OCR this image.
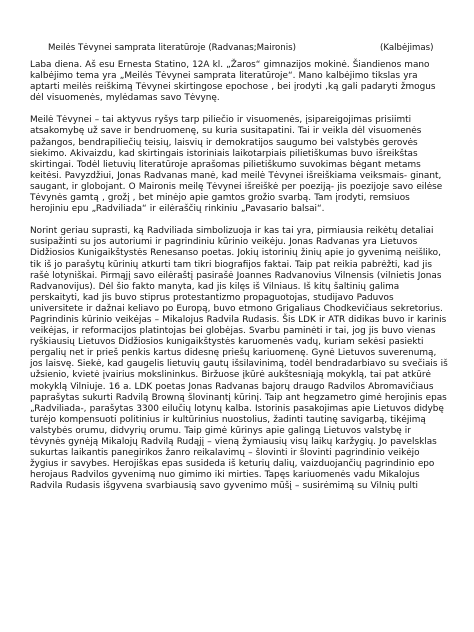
Meilės Tėvynei samprata literatūroje (Radvanas;Maironis)	(Kalbėjimas)

Laba diena. Aš esu Ernesta Statino, 12A kl. „Žaros“ gimnazijos mokinė. Šiandienos mano kalbėjimo tema yra „Meilės Tėvynei samprata literatūroje“. Mano kalbėjimo tikslas yra aptarti meilės reiškimą Tėvynei skirtingose epochose , bei įrodyti ,ką gali padaryti žmogus dėl visuomenės, mylėdamas savo Tėvynę.

Meilė Tėvynei – tai aktyvus ryšys tarp piliečio ir visuomenės, įsipareigojimas prisiimti atsakomybę už save ir bendruomenę, su kuria susitapatini. Tai ir veikla dėl visuomenės pažangos, bendrapiliečių teisių, laisvių ir demokratijos saugumo bei valstybės gerovės siekimo. Akivaizdu, kad skirtingais istoriniais laikotarpiais pilietiškumas buvo išreikštas skirtingai. Todėl lietuvių literatūroje aprašomas pilietiškumo suvokimas bėgant metams keitėsi. Pavyzdžiui, Jonas Radvanas manė, kad meilė Tėvynei išreiškiama veiksmais- ginant, saugant, ir globojant. O Maironis meilę Tėvynei išreiškė per poeziją- jis poezijoje savo eilėse Tėvynės gamtą , grožį , bet minėjo apie gamtos grožio svarbą. Tam įrodyti, remsiuos herojiniu epu „Radviliada“ ir eilėraščių rinkiniu „Pavasario balsai“.

Norint geriau suprasti, ką Radviliada simbolizuoja ir kas tai yra, pirmiausia reikėtų detaliai susipažinti su jos autoriumi ir pagrindiniu kūrinio veikėju. Jonas Radvanas yra Lietuvos Didžiosios Kunigaikštystės Renesanso poetas. Jokių istorinių žinių apie jo gyvenimą neišliko, tik iš jo parašytų kūrinių atkurti tam tikri biografijos faktai. Taip pat reikia pabrėžti, kad jis rašė lotyniškai. Pirmąjį savo eilėraštį pasirašė Joannes Radvanovius Vilnensis (vilnietis Jonas Radvanovijus). Dėl šio fakto manyta, kad jis kilęs iš Vilniaus. Iš kitų šaltinių galima perskaityti, kad jis buvo stiprus protestantizmo propaguotojas, studijavo Paduvos universitete ir dažnai keliavo po Europą, buvo etmono Grigaliaus Chodkevičiaus sekretorius. Pagrindinis kūrinio veikėjas – Mikalojus Radvila Rudasis. Šis LDK ir ATR didikas buvo ir karinis veikėjas, ir reformacijos platintojas bei globėjas. Svarbu paminėti ir tai, jog jis buvo vienas ryškiausių Lietuvos Didžiosios kunigaikštystės karuomenės vadų, kuriam sekėsi pasiekti pergalių net ir prieš penkis kartus didesnę priešų kariuomenę. Gynė Lietuvos suverenumą, jos laisvę. Siekė, kad gaugelis lietuvių gautų išsilavinimą, todėl bendradarbiavo su svečiais iš užsienio, kvietė įvairius mokslininkus. Biržuose įkūrė aukštesniąją mokyklą, tai pat atkūrė mokyklą Vilniuje. 16 a. LDK poetas Jonas Radvanas bajorų draugo Radvilos Abromavičiaus paprašytas sukurti Radvilą Browną šlovinantį kūrinį. Taip ant hegzametro gimė herojinis epas „Radviliada-, parašytas 3300 eilučių lotynų kalba. Istorinis pasakojimas apie Lietuvos didybę turėjo kompensuoti politinius ir kultūrinius nuostolius, žadinti tautinę savigarbą, tikėjimą valstybės orumu, didvyrių orumu. Taip gimė kūrinys apie galingą Lietuvos valstybę ir tėvynės gynėją Mikalojų Radvilą Rudąjį – vieną žymiausių visų laikų karžygių. Jo pavelsklas sukurtas laikantis panegirikos žanro reikalavimų – šlovinti ir šlovinti pagrindinio veikėjo žygius ir savybes. Herojiškas epas susideda iš keturių dalių, vaizduojančių pagrindinio epo herojaus Radvilos gyvenimą nuo gimimo iki mirties. Tapęs kariuomenės vadu Mikalojus Radvila Rudasis išgyvena svarbiausią savo gyvenimo mūšį – susirėmimą su Vilnių pulti
